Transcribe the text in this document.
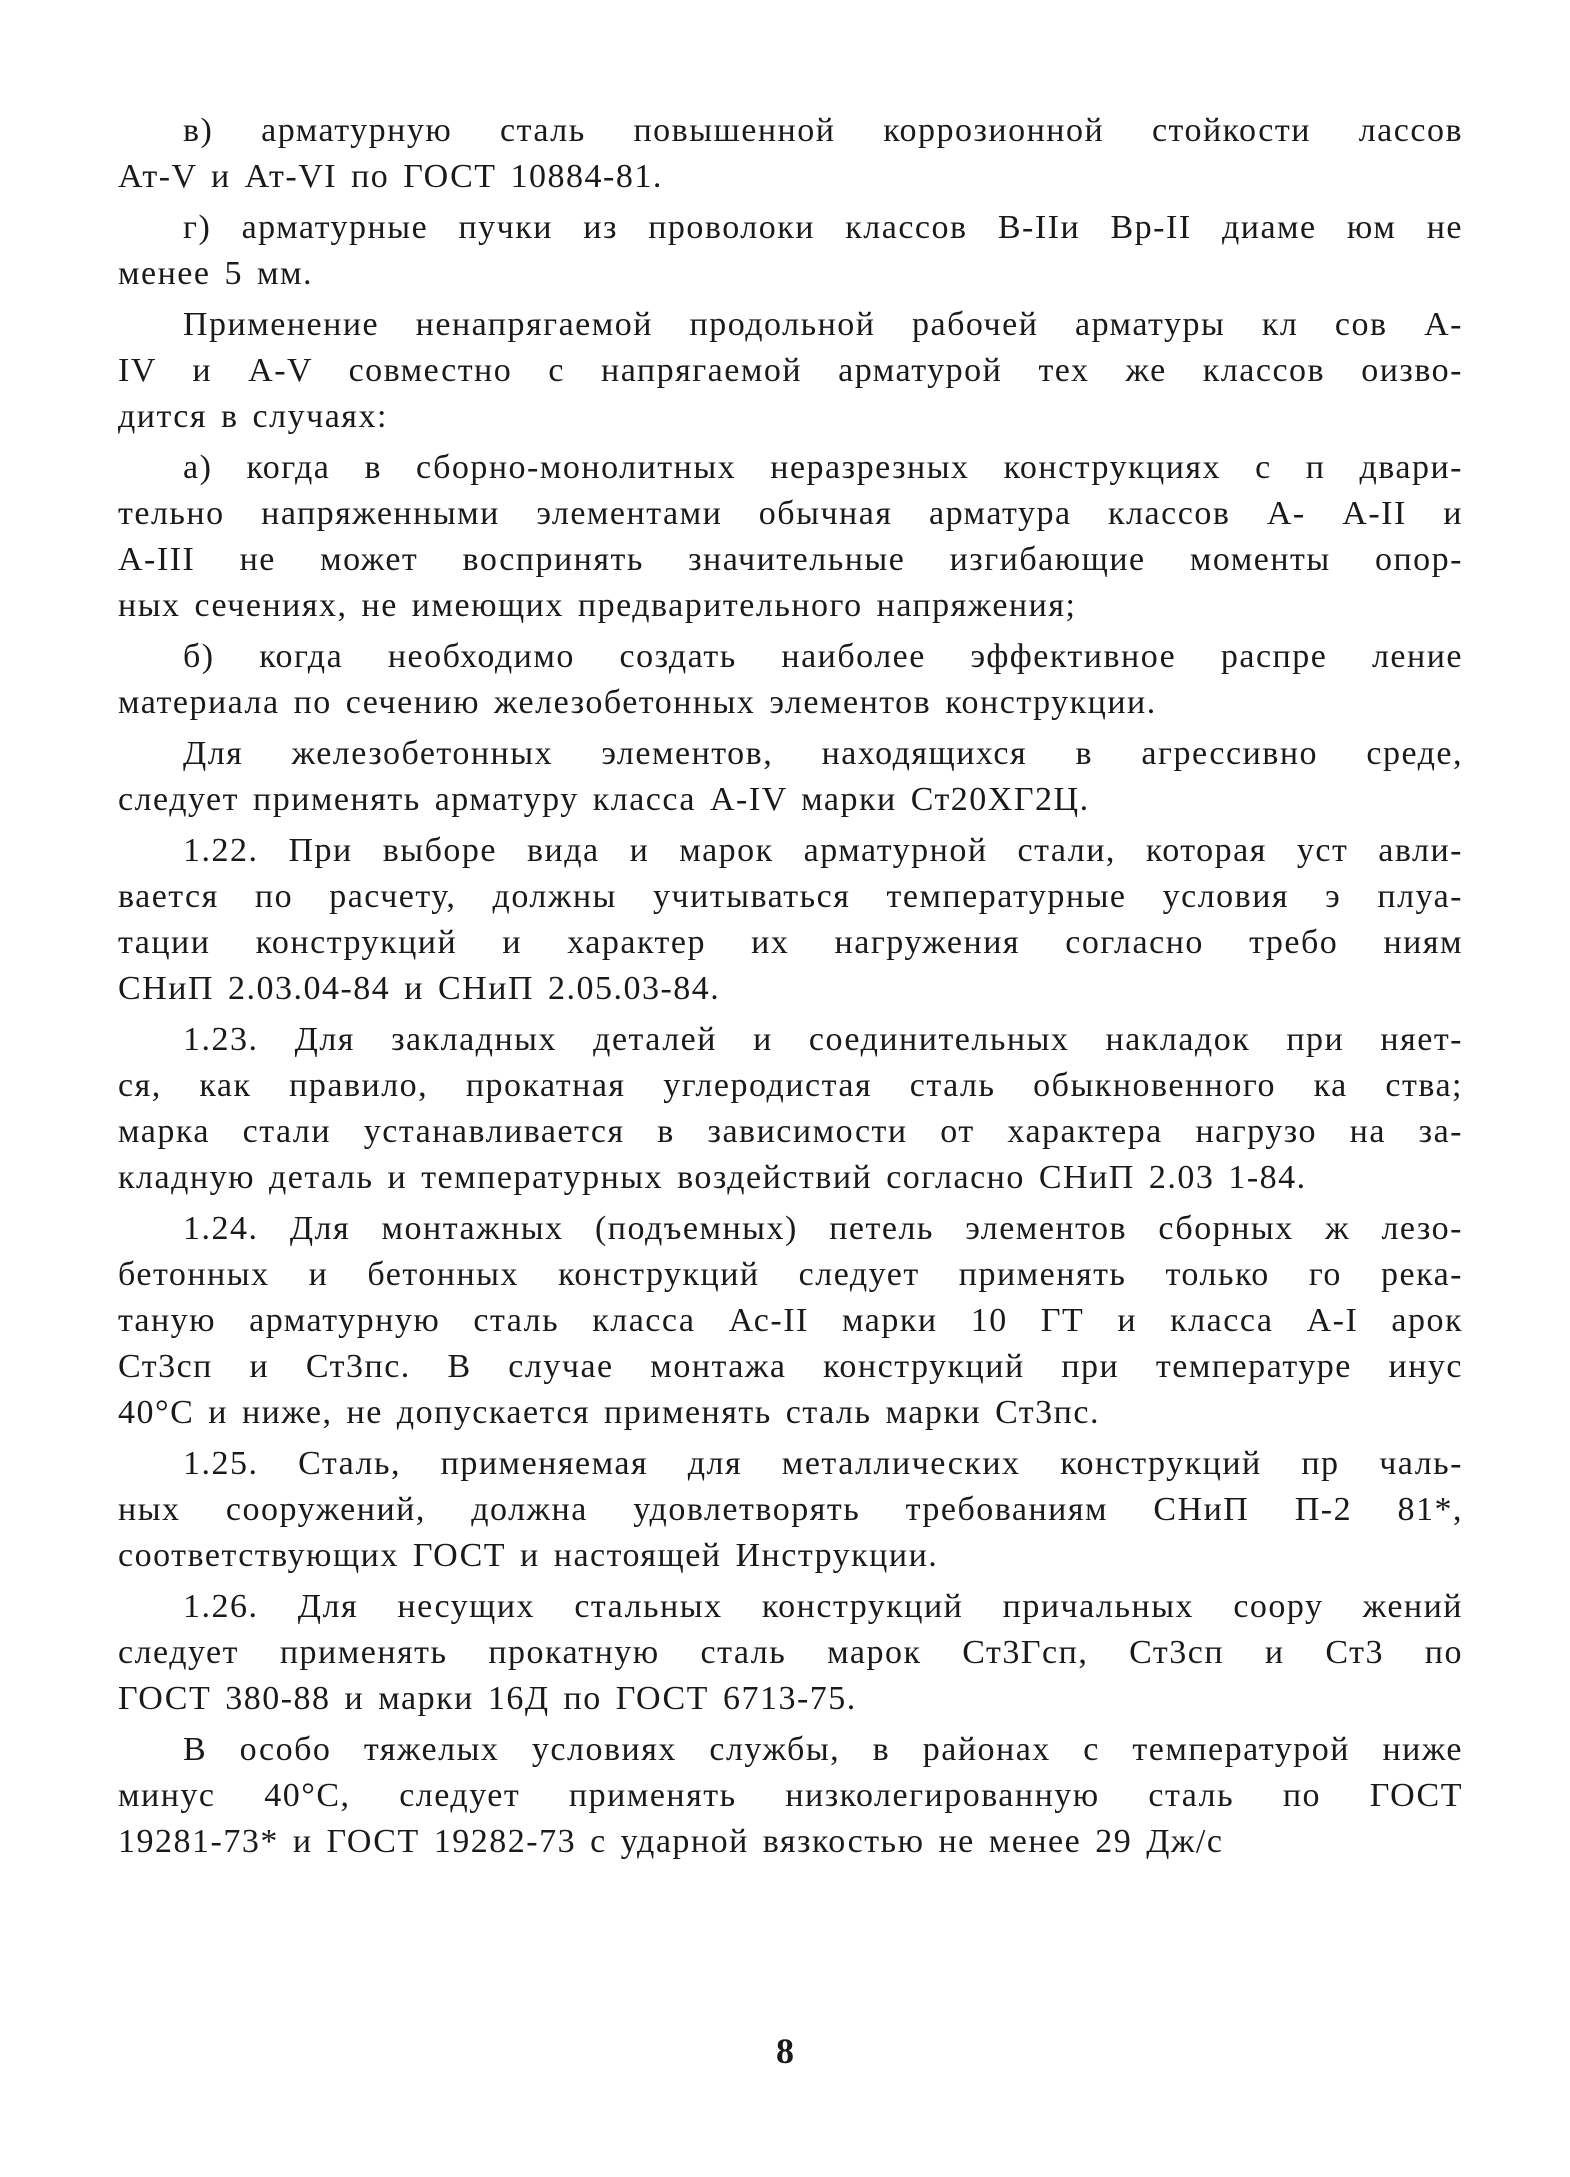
в) арматурную сталь повышенной коррозионной стойкости лассов
Ат-V и Ат-VI по ГОСТ 10884-81.
г) арматурные пучки из проволоки классов В-IIи Вр-II диаме юм не
менее 5 мм.
Применение ненапрягаемой продольной рабочей арматуры кл сов А-
IV и А-V совместно с напрягаемой арматурой тех же классов оизво-
дится в случаях:
а) когда в сборно-монолитных неразрезных конструкциях с п двари-
тельно напряженными элементами обычная арматура классов А- А-II и
А-III не может воспринять значительные изгибающие моменты опор-
ных сечениях, не имеющих предварительного напряжения;
б) когда необходимо создать наиболее эффективное распре ление
материала по сечению железобетонных элементов конструкции.
Для железобетонных элементов, находящихся в агрессивно среде,
следует применять арматуру класса А-IV марки Ст20ХГ2Ц.
1.22. При выборе вида и марок арматурной стали, которая уст авли-
вается по расчету, должны учитываться температурные условия э плуа-
тации конструкций и характер их нагружения согласно требо ниям
СНиП 2.03.04-84 и СНиП 2.05.03-84.
1.23. Для закладных деталей и соединительных накладок при няет-
ся, как правило, прокатная углеродистая сталь обыкновенного ка ства;
марка стали устанавливается в зависимости от характера нагрузо на за-
кладную деталь и температурных воздействий согласно СНиП 2.03 1-84.
1.24. Для монтажных (подъемных) петель элементов сборных ж лезо-
бетонных и бетонных конструкций следует применять только го река-
тaную арматурную сталь класса Ас-II марки 10 ГТ и класса А-I арок
Ст3сп и Ст3пс. В случае монтажа конструкций при температуре инус
40°С и ниже, не допускается применять сталь марки Ст3пс.
1.25. Сталь, применяемая для металлических конструкций пр чаль-
ных сооружений, должна удовлетворять требованиям СНиП П-2 81*,
соответствующих ГОСТ и настоящей Инструкции.
1.26. Для несущих стальных конструкций причальных соору жений
следует применять прокатную сталь марок Ст3Гсп, Ст3сп и Ст3 по
ГОСТ 380-88 и марки 16Д по ГОСТ 6713-75.
В особо тяжелых условиях службы, в районах с температурой ниже
минус 40°С, следует применять низколегированную сталь по ГОСТ
19281-73* и ГОСТ 19282-73 с ударной вязкостью не менее 29 Дж/с
8
